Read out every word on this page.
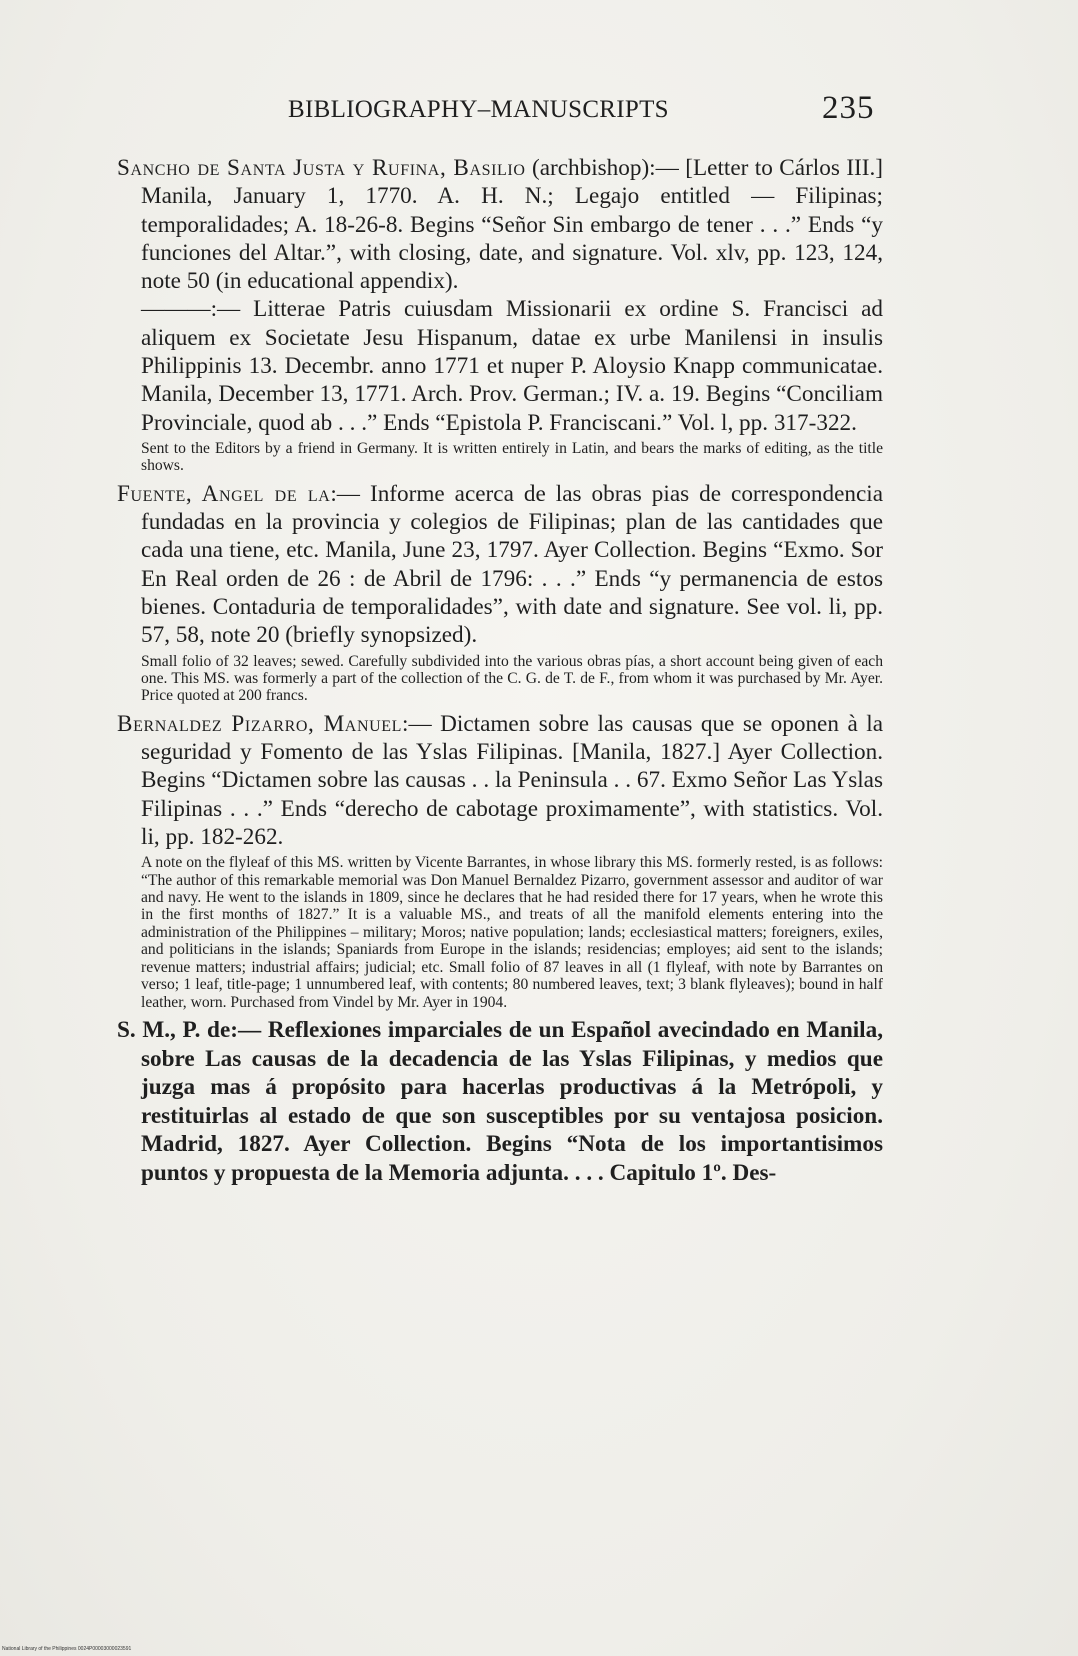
BIBLIOGRAPHY–MANUSCRIPTS	235

Sancho de Santa Justa y Rufina, Basilio (archbishop):— [Letter to Cárlos III.] Manila, January 1, 1770. A. H. N.; Legajo entitled — Filipinas; temporalidades; A. 18-26-8. Begins “Señor Sin embargo de tener . . .” Ends “y funciones del Altar.”, with closing, date, and signature. Vol. xlv, pp. 123, 124, note 50 (in educational appendix).

———:— Litterae Patris cuiusdam Missionarii ex ordine S. Francisci ad aliquem ex Societate Jesu Hispanum, datae ex urbe Manilensi in insulis Philippinis 13. Decembr. anno 1771 et nuper P. Aloysio Knapp communicatae. Manila, December 13, 1771. Arch. Prov. German.; IV. a. 19. Begins “Conciliam Provinciale, quod ab . . .” Ends “Epistola P. Franciscani.” Vol. l, pp. 317-322.

Sent to the Editors by a friend in Germany. It is written entirely in Latin, and bears the marks of editing, as the title shows.

Fuente, Angel de la:— Informe acerca de las obras pias de correspondencia fundadas en la provincia y colegios de Filipinas; plan de las cantidades que cada una tiene, etc. Manila, June 23, 1797. Ayer Collection. Begins “Exmo. Sor En Real orden de 26 : de Abril de 1796: . . .” Ends “y permanencia de estos bienes. Contaduria de temporalidades”, with date and signature. See vol. li, pp. 57, 58, note 20 (briefly synopsized).

Small folio of 32 leaves; sewed. Carefully subdivided into the various obras pías, a short account being given of each one. This MS. was formerly a part of the collection of the C. G. de T. de F., from whom it was purchased by Mr. Ayer. Price quoted at 200 francs.

Bernaldez Pizarro, Manuel:— Dictamen sobre las causas que se oponen à la seguridad y Fomento de las Yslas Filipinas. [Manila, 1827.] Ayer Collection. Begins “Dictamen sobre las causas . . la Peninsula . . 67. Exmo Señor Las Yslas Filipinas . . .” Ends “derecho de cabotage proximamente”, with statistics. Vol. li, pp. 182-262.

A note on the flyleaf of this MS. written by Vicente Barrantes, in whose library this MS. formerly rested, is as follows: “The author of this remarkable memorial was Don Manuel Bernaldez Pizarro, government assessor and auditor of war and navy. He went to the islands in 1809, since he declares that he had resided there for 17 years, when he wrote this in the first months of 1827.” It is a valuable MS., and treats of all the manifold elements entering into the administration of the Philippines – military; Moros; native population; lands; ecclesiastical matters; foreigners, exiles, and politicians in the islands; Spaniards from Europe in the islands; residencias; employes; aid sent to the islands; revenue matters; industrial affairs; judicial; etc. Small folio of 87 leaves in all (1 flyleaf, with note by Barrantes on verso; 1 leaf, title-page; 1 unnumbered leaf, with contents; 80 numbered leaves, text; 3 blank flyleaves); bound in half leather, worn. Purchased from Vindel by Mr. Ayer in 1904.

S. M., P. de:— Reflexiones imparciales de un Español avecindado en Manila, sobre Las causas de la decadencia de las Yslas Filipinas, y medios que juzga mas á propósito para hacerlas productivas á la Metrópoli, y restituirlas al estado de que son susceptibles por su ventajosa posicion. Madrid, 1827. Ayer Collection. Begins “Nota de los importantisimos puntos y propuesta de la Memoria adjunta. . . . Capitulo 1º. Des-

National Library of the Philippines 0024P00003000023591
